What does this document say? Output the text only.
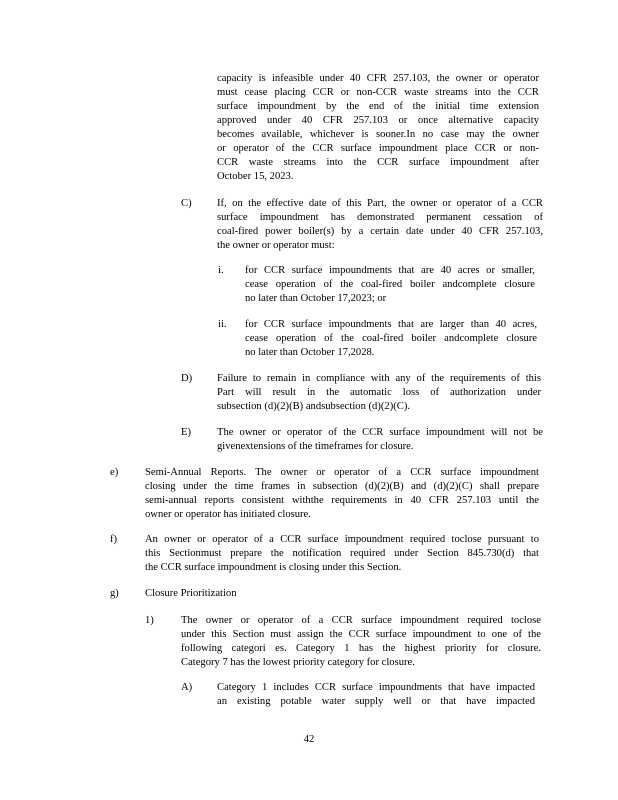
capacity is infeasible under 40 CFR 257.103, the owner or operator
must cease placing CCR or non-CCR waste streams into the CCR
surface impoundment by the end of the initial time extension
approved under 40 CFR 257.103 or once alternative capacity
becomes available, whichever is sooner.In no case may the owner
or operator of the CCR surface impoundment place CCR or non-
CCR waste streams into the CCR surface impoundment after
October 15, 2023.
C) If, on the effective date of this Part, the owner or operator of a CCR
surface impoundment has demonstrated permanent cessation of
coal-fired power boiler(s) by a certain date under 40 CFR 257.103,
the owner or operator must:
i. for CCR surface impoundments that are 40 acres or smaller,
cease operation of the coal-fired boiler andcomplete closure
no later than October 17,2023; or
ii. for CCR surface impoundments that are larger than 40 acres,
cease operation of the coal-fired boiler andcomplete closure
no later than October 17,2028.
D) Failure to remain in compliance with any of the requirements of this
Part will result in the automatic loss of authorization under
subsection (d)(2)(B) andsubsection (d)(2)(C).
E) The owner or operator of the CCR surface impoundment will not be
givenextensions of the timeframes for closure.
e)	Semi-Annual Reports. The owner or operator of a CCR surface impoundment
closing under the time frames in subsection (d)(2)(B) and (d)(2)(C) shall prepare
semi-annual reports consistent withthe requirements in 40 CFR 257.103 until the
owner or operator has initiated closure.
f)	An owner or operator of a CCR surface impoundment required toclose pursuant to
this Sectionmust prepare the notification required under Section 845.730(d) that
the CCR surface impoundment is closing under this Section.
g) Closure Prioritization
1)	The owner or operator of a CCR surface impoundment required toclose
under this Section must assign the CCR surface impoundment to one of the
following categori es. Category 1 has the highest priority for closure.
Category 7 has the lowest priority category for closure.
A) Category 1 includes CCR surface impoundments that have impacted
an existing potable water supply well or that have impacted
42
